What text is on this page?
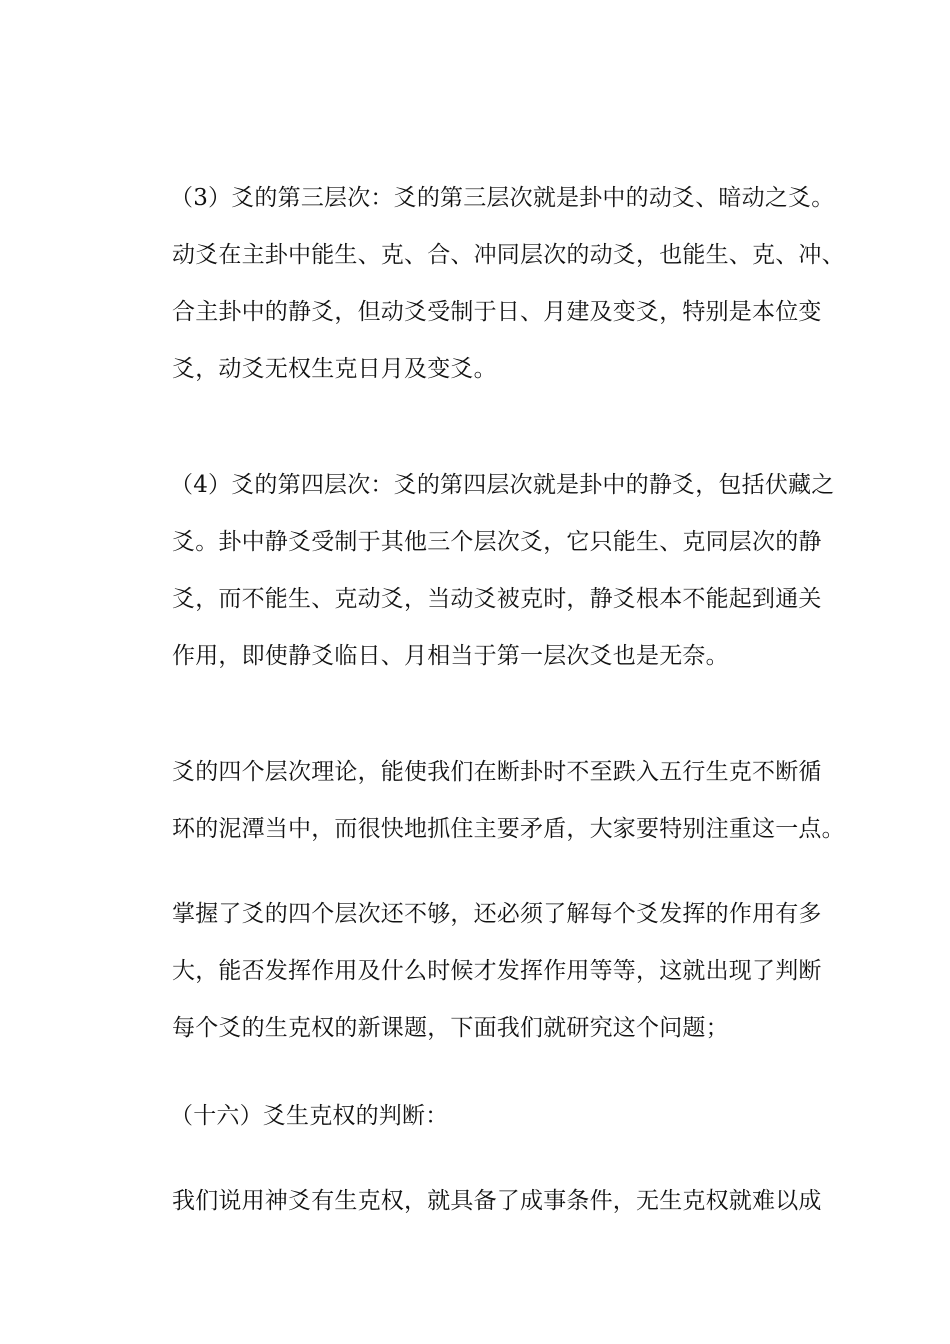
（3）爻的第三层次：爻的第三层次就是卦中的动爻、暗动之爻。
动爻在主卦中能生、克、合、冲同层次的动爻，也能生、克、冲、
合主卦中的静爻，但动爻受制于日、月建及变爻，特别是本位变
爻，动爻无权生克日月及变爻。
（4）爻的第四层次：爻的第四层次就是卦中的静爻，包括伏藏之
爻。卦中静爻受制于其他三个层次爻，它只能生、克同层次的静
爻，而不能生、克动爻，当动爻被克时，静爻根本不能起到通关
作用，即使静爻临日、月相当于第一层次爻也是无奈。
爻的四个层次理论，能使我们在断卦时不至跌入五行生克不断循
环的泥潭当中，而很快地抓住主要矛盾，大家要特别注重这一点。
掌握了爻的四个层次还不够，还必须了解每个爻发挥的作用有多
大，能否发挥作用及什么时候才发挥作用等等，这就出现了判断
每个爻的生克权的新课题，下面我们就研究这个问题；
（十六）爻生克权的判断：
我们说用神爻有生克权，就具备了成事条件，无生克权就难以成
